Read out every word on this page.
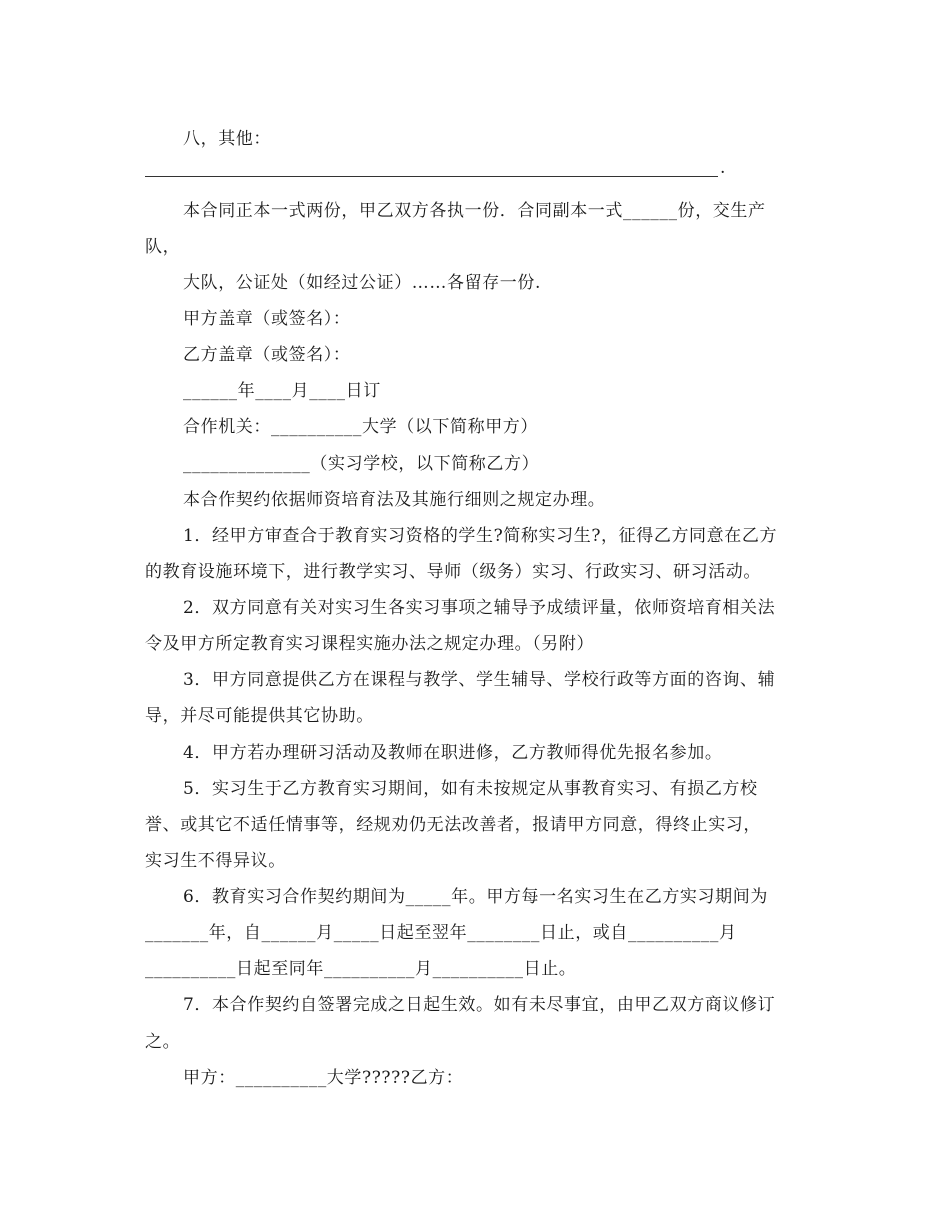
八，其他：
.
本合同正本一式两份，甲乙双方各执一份．合同副本一式______份，交生产
队，
大队，公证处（如经过公证）……各留存一份.
甲方盖章（或签名）：
乙方盖章（或签名）：
______年____月____日订
合作机关：__________大学（以下简称甲方）
______________（实习学校，以下简称乙方）
本合作契约依据师资培育法及其施行细则之规定办理。
1．经甲方审查合于教育实习资格的学生?简称实习生?，征得乙方同意在乙方
的教育设施环境下，进行教学实习、导师（级务）实习、行政实习、研习活动。
2．双方同意有关对实习生各实习事项之辅导予成绩评量，依师资培育相关法
令及甲方所定教育实习课程实施办法之规定办理。（另附）
3．甲方同意提供乙方在课程与教学、学生辅导、学校行政等方面的咨询、辅
导，并尽可能提供其它协助。
4．甲方若办理研习活动及教师在职进修，乙方教师得优先报名参加。
5．实习生于乙方教育实习期间，如有未按规定从事教育实习、有损乙方校
誉、或其它不适任情事等，经规劝仍无法改善者，报请甲方同意，得终止实习，
实习生不得异议。
6．教育实习合作契约期间为_____年。甲方每一名实习生在乙方实习期间为
_______年，自______月_____日起至翌年________日止，或自__________月
__________日起至同年__________月__________日止。
7．本合作契约自签署完成之日起生效。如有未尽事宜，由甲乙双方商议修订
之。
甲方：__________大学?????乙方：
